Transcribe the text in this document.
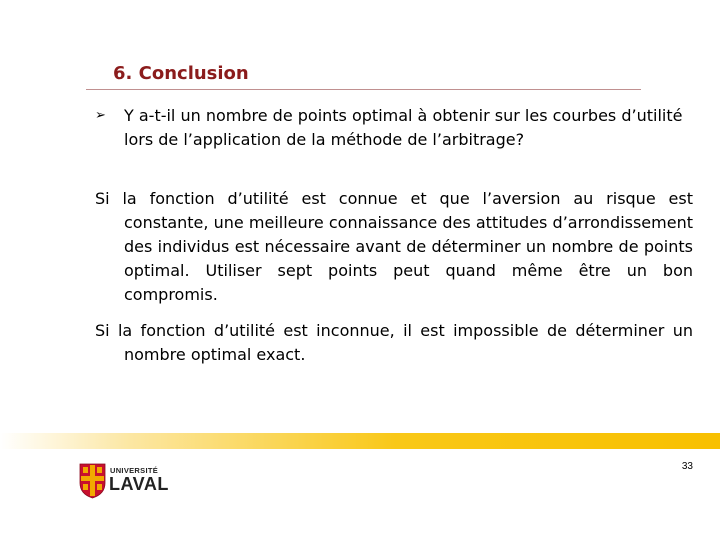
6. Conclusion
➢ Y a-t-il un nombre de points optimal à obtenir sur les courbes d’utilité lors de l’application de la méthode de l’arbitrage?
Si la fonction d’utilité est connue et que l’aversion au risque est constante, une meilleure connaissance des attitudes d’arrondissement des individus est nécessaire avant de déterminer un nombre de points optimal. Utiliser sept points peut quand même être un bon compromis.
Si la fonction d’utilité est inconnue, il est impossible de déterminer un nombre optimal exact.
UNIVERSITÉ
LAVAL
33
